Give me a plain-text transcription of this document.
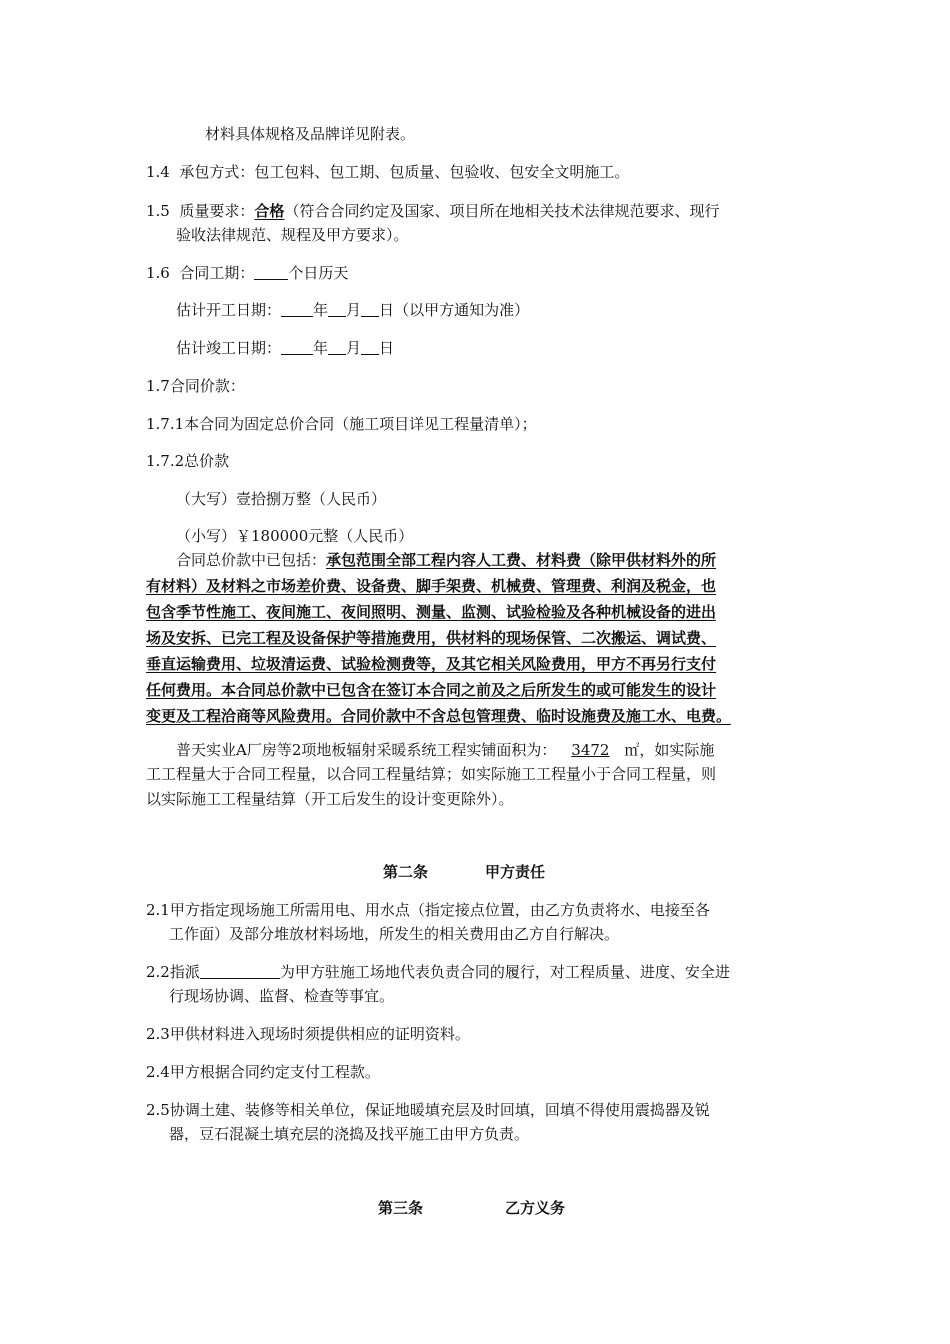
材料具体规格及品牌详见附表。
1.4 承包方式：包工包料、包工期、包质量、包验收、包安全文明施工。
1.5 质量要求：合格（符合合同约定及国家、项目所在地相关技术法律规范要求、现行
验收法律规范、规程及甲方要求）。
1.6 合同工期： 个日历天
估计开工日期： 年 月 日（以甲方通知为准）
估计竣工日期： 年 月 日
1.7合同价款：
1.7.1本合同为固定总价合同（施工项目详见工程量清单）；
1.7.2总价款
（大写）壹拾捌万整（人民币）
（小写）￥180000元整（人民币）
合同总价款中已包括：承包范围全部工程内容人工费、材料费（除甲供材料外的所
有材料）及材料之市场差价费、设备费、脚手架费、机械费、管理费、利润及税金，也
包含季节性施工、夜间施工、夜间照明、测量、监测、试验检验及各种机械设备的进出
场及安拆、已完工程及设备保护等措施费用，供材料的现场保管、二次搬运、调试费、
垂直运输费用、垃圾清运费、试验检测费等，及其它相关风险费用，甲方不再另行支付
任何费用。本合同总价款中已包含在签订本合同之前及之后所发生的或可能发生的设计
变更及工程洽商等风险费用。合同价款中不含总包管理费、临时设施费及施工水、电费。
普天实业A厂房等2项地板辐射采暖系统工程实铺面积为： 3472 ㎡，如实际施
工工程量大于合同工程量，以合同工程量结算；如实际施工工程量小于合同工程量，则
以实际施工工程量结算（开工后发生的设计变更除外）。
第二条	甲方责任
2.1甲方指定现场施工所需用电、用水点（指定接点位置，由乙方负责将水、电接至各
工作面）及部分堆放材料场地，所发生的相关费用由乙方自行解决。
2.2指派	为甲方驻施工场地代表负责合同的履行，对工程质量、进度、安全进
行现场协调、监督、检查等事宜。
2.3甲供材料进入现场时须提供相应的证明资料。
2.4甲方根据合同约定支付工程款。
2.5协调土建、装修等相关单位，保证地暖填充层及时回填，回填不得使用震捣器及锐
器，豆石混凝土填充层的浇捣及找平施工由甲方负责。
第三条	乙方义务
